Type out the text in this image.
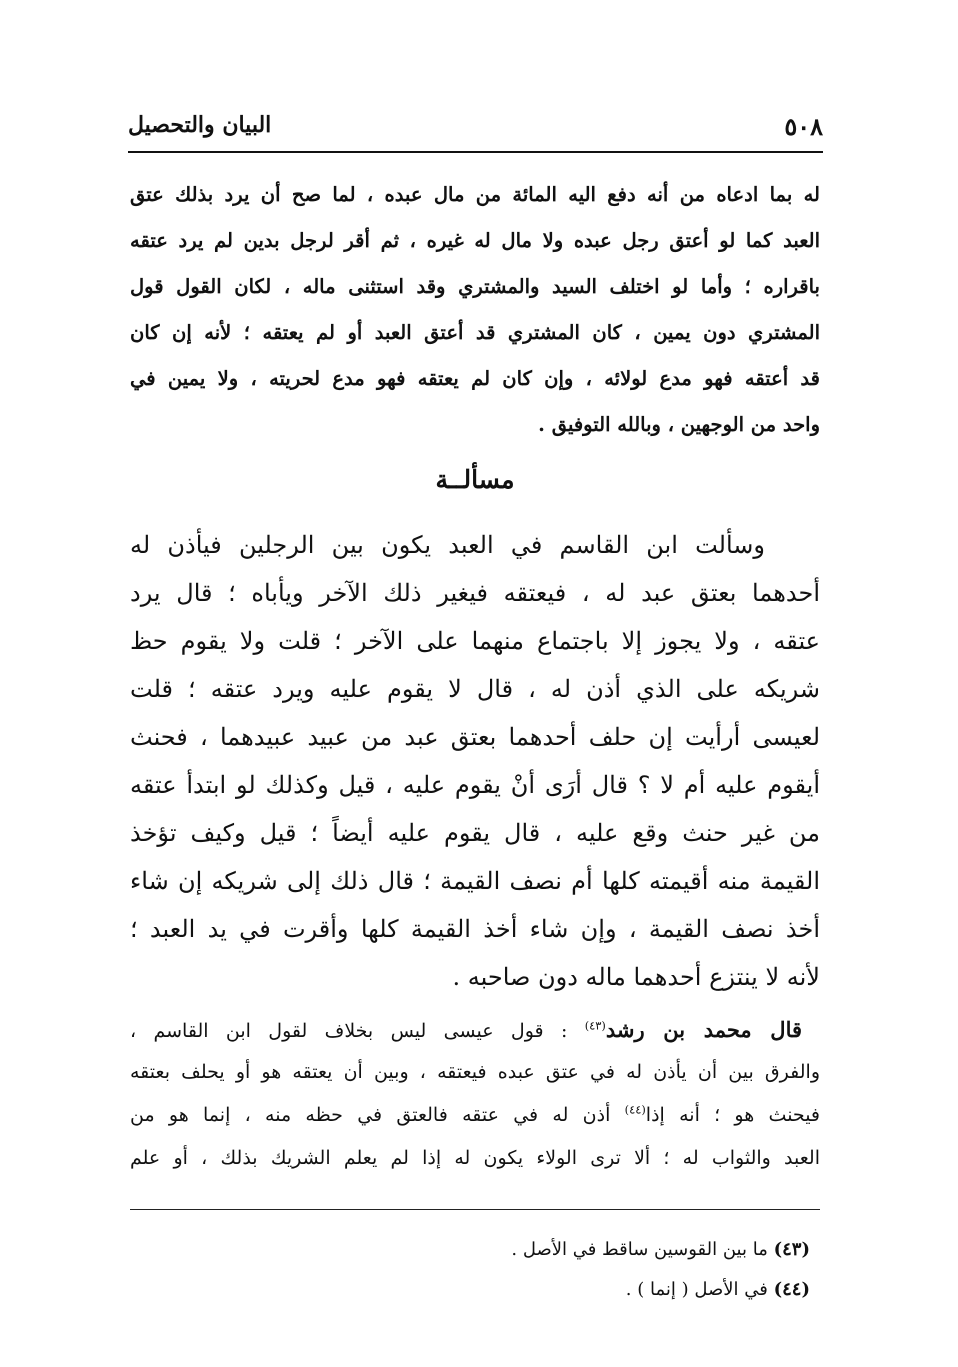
٥٠٨
البيان والتحصيل
له بما ادعاه من أنه دفع اليه المائة من مال عبده ، لما صح أن يرد بذلك عتق
العبد كما لو أعتق رجل عبده ولا مال له غيره ، ثم أقر لرجل بدين لم يرد عتقه
باقراره ؛ وأما لو اختلف السيد والمشتري وقد استثنى ماله ، لكان القول قول
المشتري دون يمين ، كان المشتري قد أعتق العبد أو لم يعتقه ؛ لأنه إن كان
قد أعتقه فهو مدع لولائه ، وإن كان لم يعتقه فهو مدع لحريته ، ولا يمين في
واحد من الوجهين ، وبالله التوفيق .
مسألــة
وسألت ابن القاسم في العبد يكون بين الرجلين فيأذن له
أحدهما بعتق عبد له ، فيعتقه فيغير ذلك الآخر ويأباه ؛ قال يرد
عتقه ، ولا يجوز إلا باجتماع منهما على الآخر ؛ قلت ولا يقوم حظ
شريكه على الذي أذن له ، قال لا يقوم عليه ويرد عتقه ؛ قلت
لعيسى أرأيت إن حلف أحدهما بعتق عبد من عبيد عبيدهما ، فحنث
أيقوم عليه أم لا ؟ قال أرَى أنْ يقوم عليه ، قيل وكذلك لو ابتدأ عتقه
من غير حنث وقع عليه ، قال يقوم عليه أيضاً ؛ قيل وكيف تؤخذ
القيمة منه أقيمته كلها أم نصف القيمة ؛ قال ذلك إلى شريكه إن شاء
أخذ نصف القيمة ، وإن شاء أخذ القيمة كلها وأقرت في يد العبد ؛
لأنه لا ينتزع أحدهما ماله دون صاحبه .
قال محمد بن رشد$^{(٤٣)}$ : قول عيسى ليس بخلاف لقول ابن القاسم ،
والفرق بين أن يأذن له في عتق عبده فيعتقه ، وبين أن يعتقه هو أو يحلف بعتقه
فيحنث هو ؛ أنه إذا$^{(٤٤)}$ أذن له في عتقه فالعتق في حظه منه ، إنما هو من
العبد والثواب له ؛ ألا ترى الولاء يكون له إذا لم يعلم الشريك بذلك ، أو علم
(٤٣) ما بين القوسين ساقط في الأصل .
(٤٤) في الأصل ( إنما ) .
